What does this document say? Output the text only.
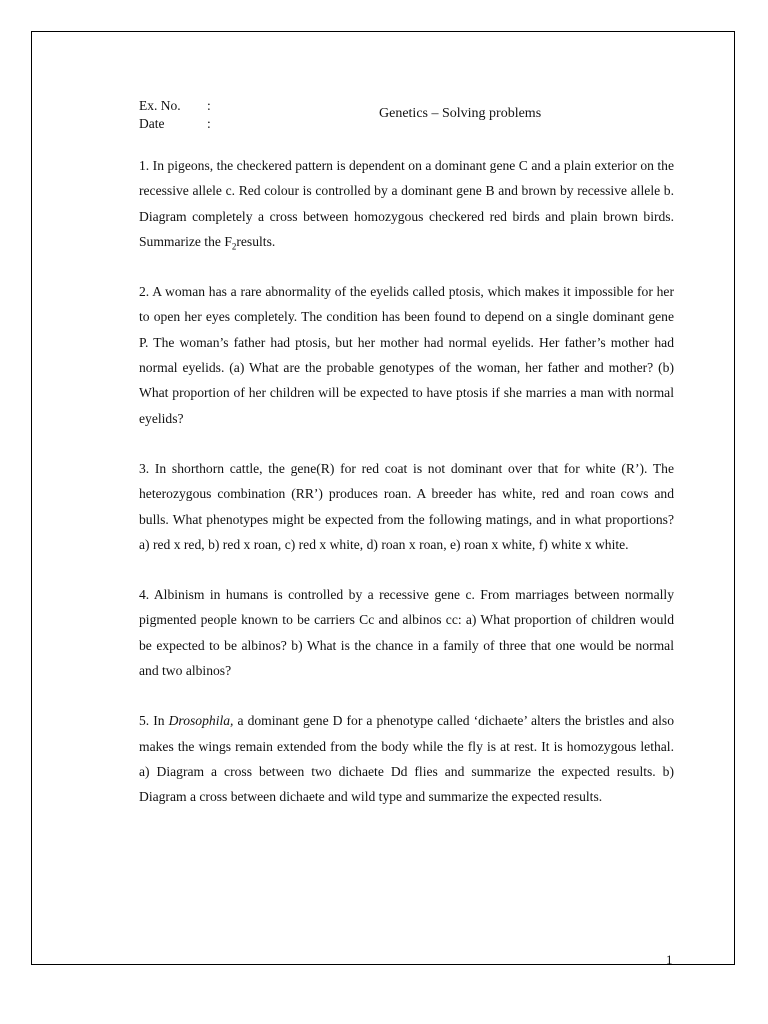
Ex. No. :
Date	:
Genetics – Solving problems

1. In pigeons, the checkered pattern is dependent on a dominant gene C and a plain exterior on the recessive allele c. Red colour is controlled by a dominant gene B and brown by recessive allele b. Diagram completely a cross between homozygous checkered red birds and plain brown birds. Summarize the $F_2results$.

2. A woman has a rare abnormality of the eyelids called ptosis, which makes it impossible for her to open her eyes completely. The condition has been found to depend on a single dominant gene P. The woman’s father had ptosis, but her mother had normal eyelids. Her father’s mother had normal eyelids. (a) What are the probable genotypes of the woman, her father and mother? (b) What proportion of her children will be expected to have ptosis if she marries a man with normal eyelids?

3. In shorthorn cattle, the gene(R) for red coat is not dominant over that for white (R’). The heterozygous combination (RR’) produces roan. A breeder has white, red and roan cows and bulls. What phenotypes might be expected from the following matings, and in what proportions? a) red x red, b) red x roan, c) red x white, d) roan x roan, e) roan x white, f) white x white.

4. Albinism in humans is controlled by a recessive gene c. From marriages between normally pigmented people known to be carriers Cc and albinos cc: a) What proportion of children would be expected to be albinos? b) What is the chance in a family of three that one would be normal and two albinos?

5. In Drosophila, a dominant gene D for a phenotype called ‘dichaete’ alters the bristles and also makes the wings remain extended from the body while the fly is at rest. It is homozygous lethal. a) Diagram a cross between two dichaete Dd flies and summarize the expected results. b) Diagram a cross between dichaete and wild type and summarize the expected results.

1
